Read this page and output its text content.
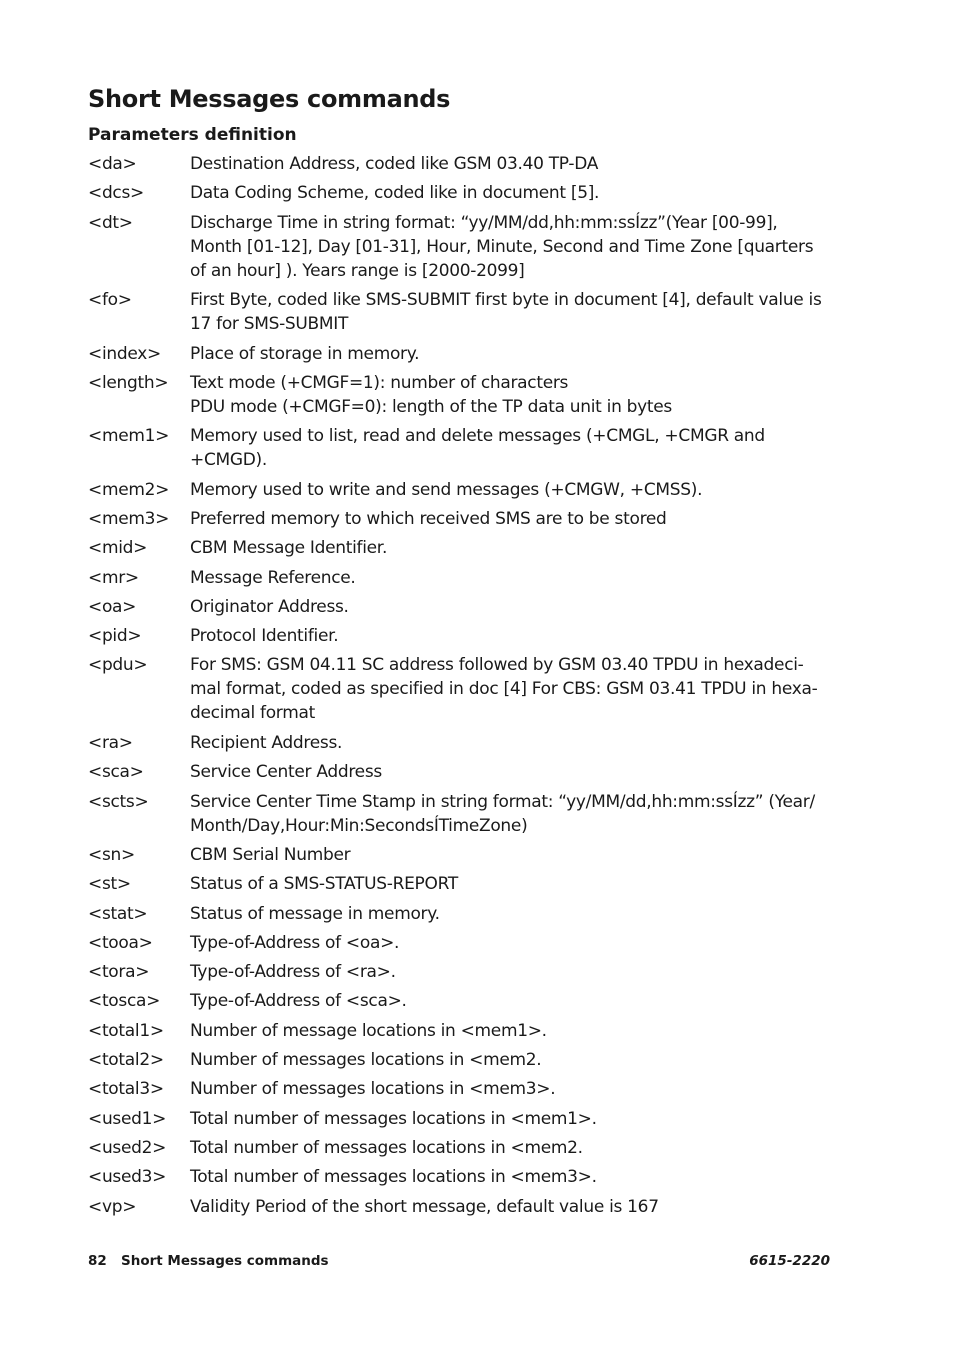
Short Messages commands
Parameters definition
<da>	Destination Address, coded like GSM 03.40 TP-DA
<dcs>	Data Coding Scheme, coded like in document [5].
<dt>	Discharge Time in string format: “yy/MM/dd,hh:mm:ssÍzz”(Year [00-99],
Month [01-12], Day [01-31], Hour, Minute, Second and Time Zone [quarters
of an hour] ). Years range is [2000-2099]
<fo>	First Byte, coded like SMS-SUBMIT first byte in document [4], default value is
17 for SMS-SUBMIT
<index>	Place of storage in memory.
<length>	Text mode (+CMGF=1): number of characters
PDU mode (+CMGF=0): length of the TP data unit in bytes
<mem1>	Memory used to list, read and delete messages (+CMGL, +CMGR and
+CMGD).
<mem2>	Memory used to write and send messages (+CMGW, +CMSS).
<mem3>	Preferred memory to which received SMS are to be stored
<mid>	CBM Message Identifier.
<mr>	Message Reference.
<oa>	Originator Address.
<pid>	Protocol Identifier.
<pdu>	For SMS: GSM 04.11 SC address followed by GSM 03.40 TPDU in hexadeci-
mal format, coded as specified in doc [4] For CBS: GSM 03.41 TPDU in hexa-
decimal format
<ra>	Recipient Address.
<sca>	Service Center Address
<scts>	Service Center Time Stamp in string format: “yy/MM/dd,hh:mm:ssÍzz” (Year/
Month/Day,Hour:Min:SecondsÍTimeZone)
<sn>	CBM Serial Number
<st>	Status of a SMS-STATUS-REPORT
<stat>	Status of message in memory.
<tooa>	Type-of-Address of <oa>.
<tora>	Type-of-Address of <ra>.
<tosca>	Type-of-Address of <sca>.
<total1>	Number of message locations in <mem1>.
<total2>	Number of messages locations in <mem2.
<total3>	Number of messages locations in <mem3>.
<used1>	Total number of messages locations in <mem1>.
<used2>	Total number of messages locations in <mem2.
<used3>	Total number of messages locations in <mem3>.
<vp>	Validity Period of the short message, default value is 167
82 Short Messages commands	6615-2220
